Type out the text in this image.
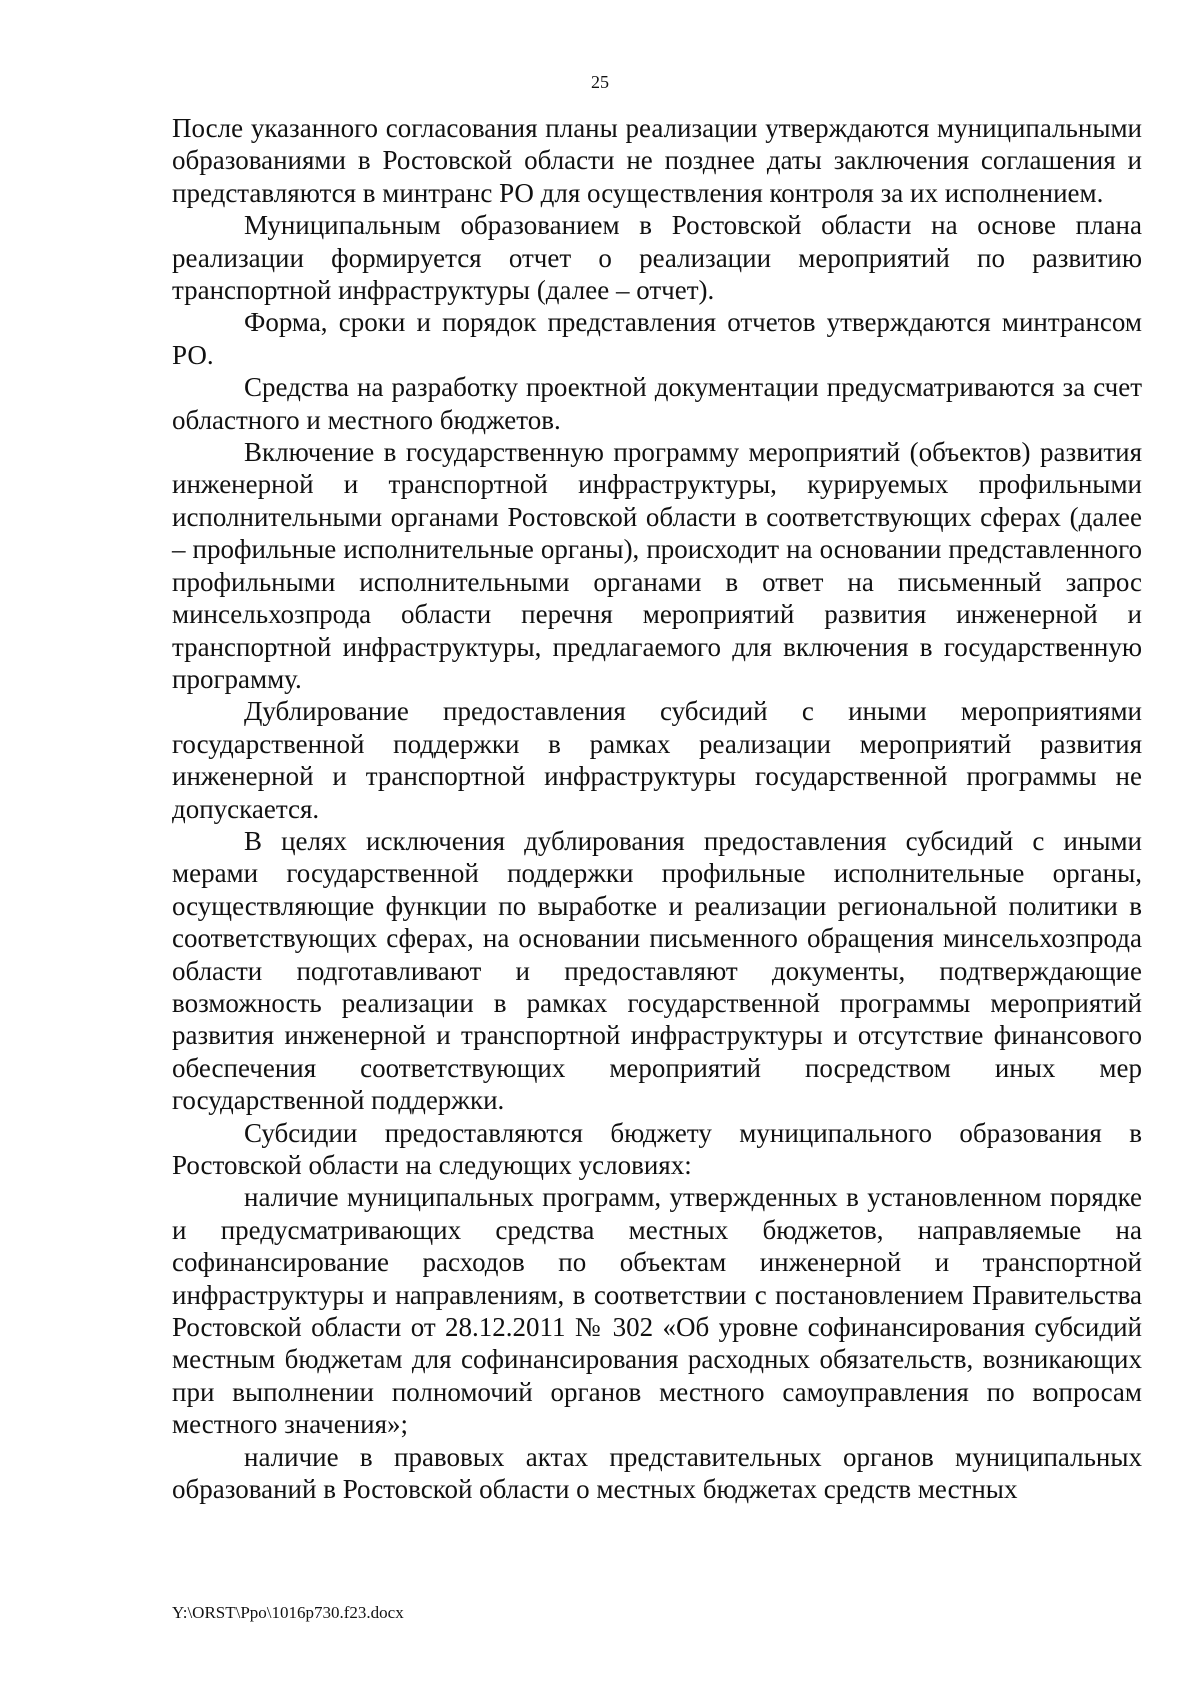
25

После указанного согласования планы реализации утверждаются муниципальными образованиями в Ростовской области не позднее даты заключения соглашения и представляются в минтранс РО для осуществления контроля за их исполнением.

Муниципальным образованием в Ростовской области на основе плана реализации формируется отчет о реализации мероприятий по развитию транспортной инфраструктуры (далее – отчет).

Форма, сроки и порядок представления отчетов утверждаются минтрансом РО.

Средства на разработку проектной документации предусматриваются за счет областного и местного бюджетов.

Включение в государственную программу мероприятий (объектов) развития инженерной и транспортной инфраструктуры, курируемых профильными исполнительными органами Ростовской области в соответствующих сферах (далее – профильные исполнительные органы), происходит на основании представленного профильными исполнительными органами в ответ на письменный запрос минсельхозпрода области перечня мероприятий развития инженерной и транспортной инфраструктуры, предлагаемого для включения в государственную программу.

Дублирование предоставления субсидий с иными мероприятиями государственной поддержки в рамках реализации мероприятий развития инженерной и транспортной инфраструктуры государственной программы не допускается.

В целях исключения дублирования предоставления субсидий с иными мерами государственной поддержки профильные исполнительные органы, осуществляющие функции по выработке и реализации региональной политики в соответствующих сферах, на основании письменного обращения минсельхозпрода области подготавливают и предоставляют документы, подтверждающие возможность реализации в рамках государственной программы мероприятий развития инженерной и транспортной инфраструктуры и отсутствие финансового обеспечения соответствующих мероприятий посредством иных мер государственной поддержки.

Субсидии предоставляются бюджету муниципального образования в Ростовской области на следующих условиях:

наличие муниципальных программ, утвержденных в установленном порядке и предусматривающих средства местных бюджетов, направляемые на софинансирование расходов по объектам инженерной и транспортной инфраструктуры и направлениям, в соответствии с постановлением Правительства Ростовской области от 28.12.2011 № 302 «Об уровне софинансирования субсидий местным бюджетам для софинансирования расходных обязательств, возникающих при выполнении полномочий органов местного самоуправления по вопросам местного значения»;

наличие в правовых актах представительных органов муниципальных образований в Ростовской области о местных бюджетах средств местных

Y:\ORST\Ppo\1016p730.f23.docx
